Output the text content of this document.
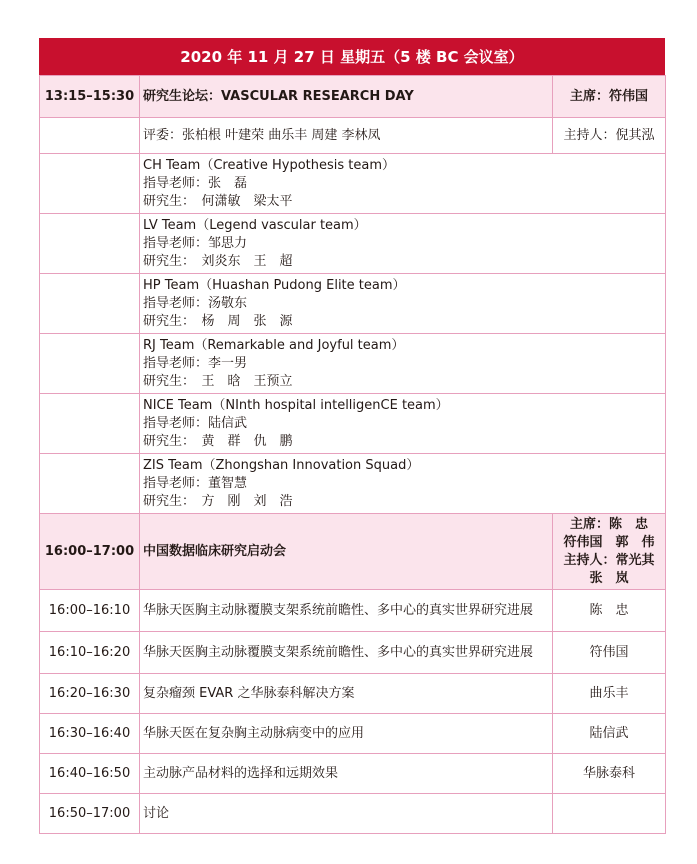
2020 年 11 月 27 日 星期五（5 楼 BC 会议室）
13:15–15:30	研究生论坛：VASCULAR RESEARCH DAY	主席：符伟国
	评委：张柏根 叶建荣 曲乐丰 周建 李林凤	主持人：倪其泓

	CH Team（Creative Hypothesis team）
指导老师：张　磊
研究生：　何潇敏　梁太平	

	LV Team（Legend vascular team）
指导老师：邹思力
研究生：　刘炎东　王　超	

	HP Team（Huashan Pudong Elite team）
指导老师：汤敬东
研究生：　杨　周　张　源	

	RJ Team（Remarkable and Joyful team）
指导老师：李一男
研究生：　王　晗　王预立	

	NICE Team（NInth hospital intelligenCE team）
指导老师：陆信武
研究生：　黄　群　仇　鹏	

	ZIS Team（Zhongshan Innovation Squad）
指导老师：董智慧
研究生：　方　刚　刘　浩	

16:00–17:00	中国数据临床研究启动会	主席：陈　忠
符伟国　郭　伟
主持人：常光其
张　岚

16:00–16:10	华脉天医胸主动脉覆膜支架系统前瞻性、多中心的真实世界研究进展	陈　忠
16:10–16:20	华脉天医胸主动脉覆膜支架系统前瞻性、多中心的真实世界研究进展	符伟国
16:20–16:30	复杂瘤颈 EVAR 之华脉泰科解决方案	曲乐丰
16:30–16:40	华脉天医在复杂胸主动脉病变中的应用	陆信武
16:40–16:50	主动脉产品材料的选择和远期效果	华脉泰科
16:50–17:00	讨论	
